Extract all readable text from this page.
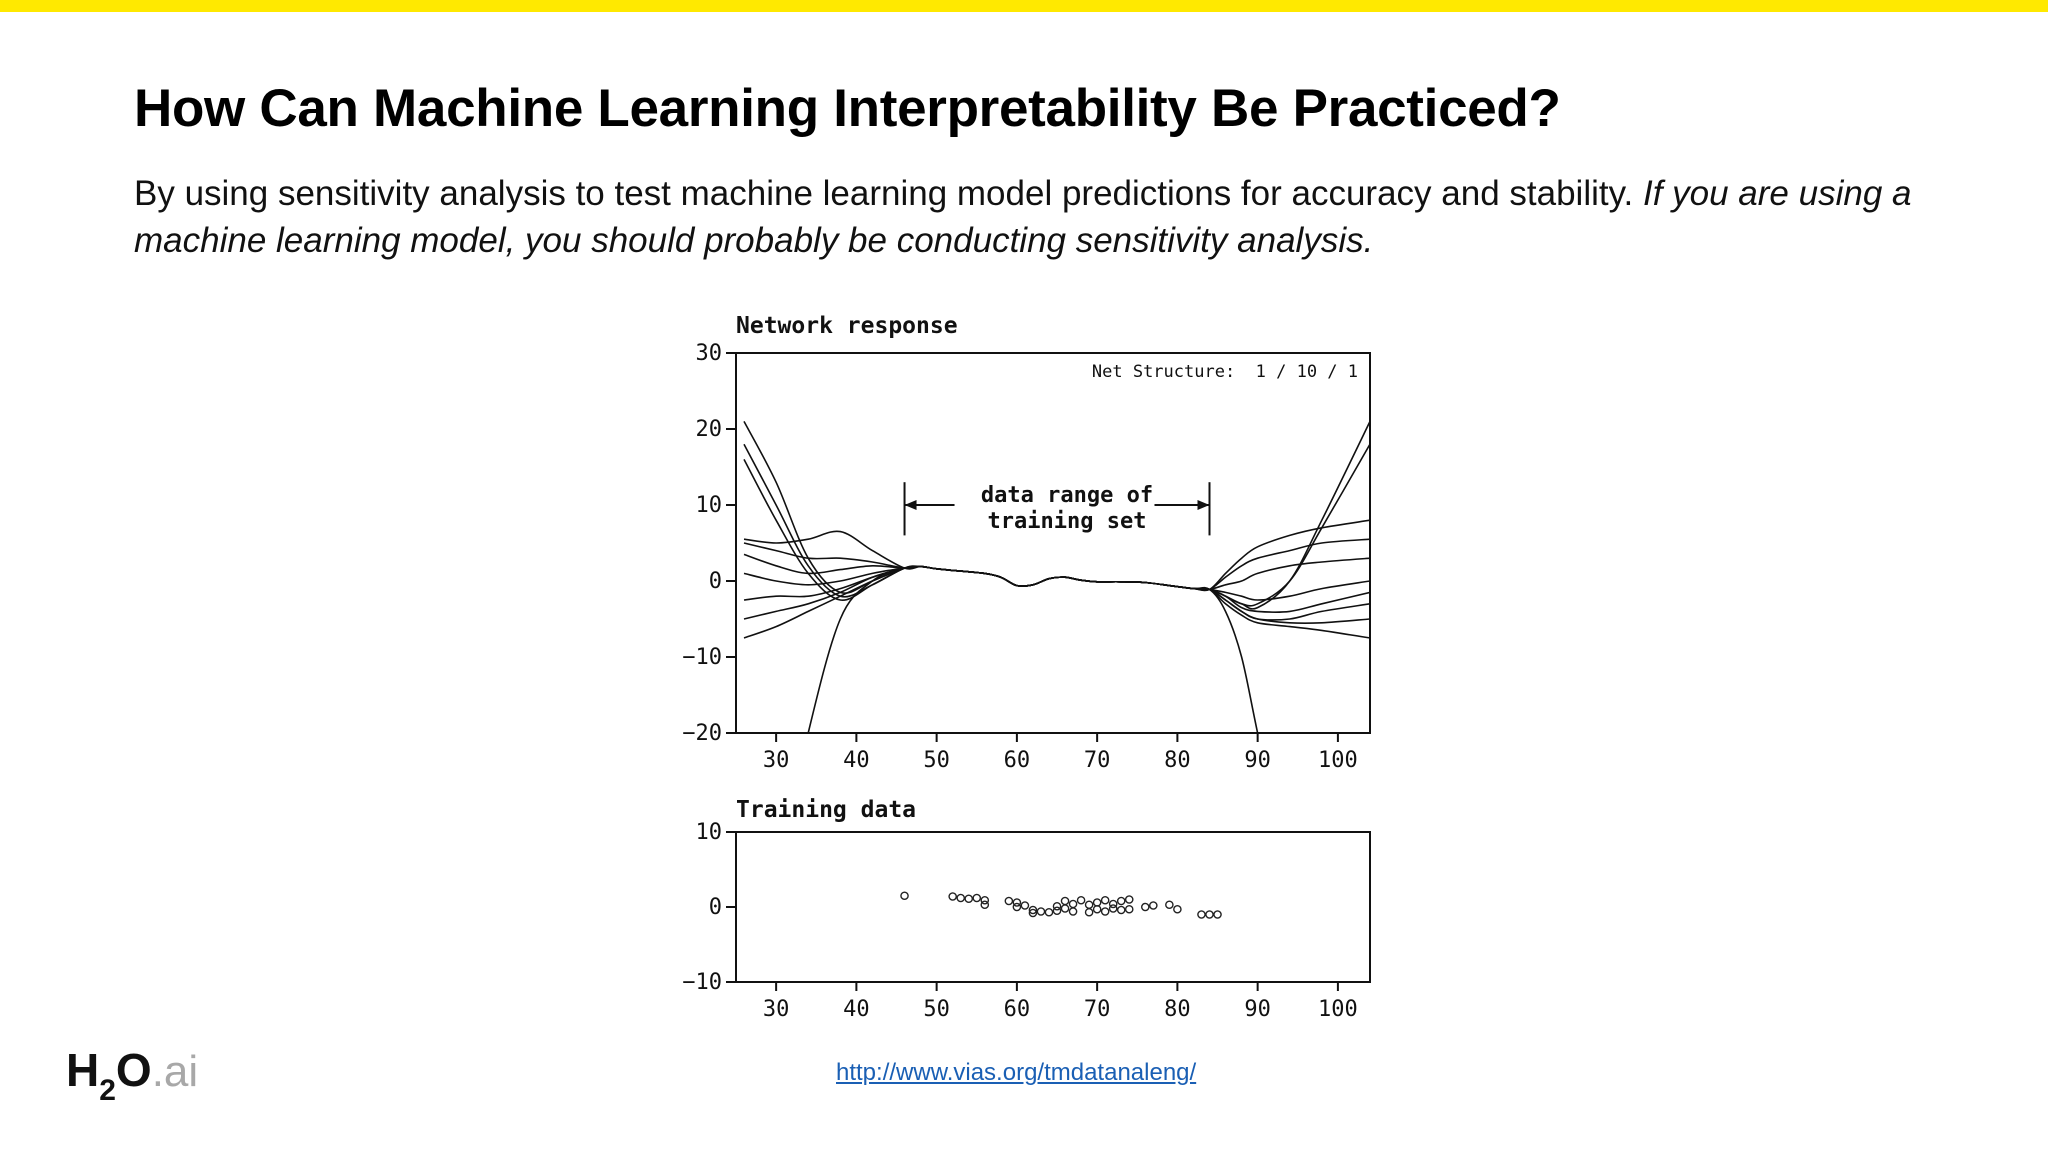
How Can Machine Learning Interpretability Be Practiced?

By using sensitivity analysis to test machine learning model predictions for accuracy and stability. If you are using a machine learning model, you should probably be conducting sensitivity analysis.

Network response
Net Structure:  1 / 10 / 1
30 40 50 60 70 80 90 100
30
20
10
0
−10
−20
data range of
training set
Training data
30 40 50 60 70 80 90 100
10
0
−10
http://www.vias.org/tmdatanaleng/
H2O.ai
